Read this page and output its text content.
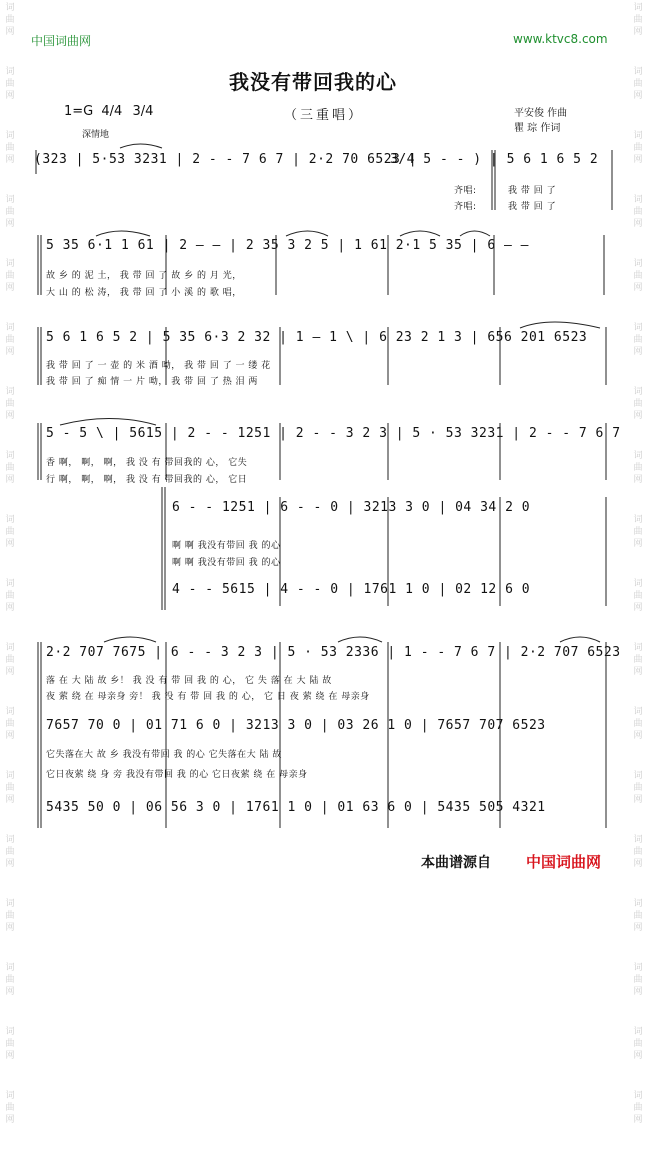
词曲网
词曲网
词曲网
词曲网
词曲网
词曲网
词曲网
词曲网
词曲网
词曲网
词曲网
词曲网
词曲网
词曲网
词曲网
词曲网
词曲网
词曲网
词曲网
词曲网
词曲网
词曲网
词曲网
词曲网
词曲网
词曲网
词曲网
词曲网
词曲网
词曲网
词曲网
词曲网
词曲网
词曲网
词曲网
词曲网
中国词曲网	www.ktvc8.com
我没有带回我的心
（三重唱）
1=G 4/4 3/4
深情地
平安俊 作曲
瞿 琮 作词
(323 | 5·53 3231 | 2 - - 7 6 7 | 2·2 70 6523 |
3/4 5 - - ) | 5 6 1 6 5 2
齐唱:
齐唱:
我 带 回 了
我 带 回 了
5 35 6·1 1 61 | 2 — — | 2 35 3 2 5 | 1 61 2·1 5 35 | 6 — —
故 乡 的 泥 土， 我 带 回 了 故 乡 的 月 光，
大 山 的 松 涛， 我 带 回 了 小 溪 的 歌 唱，
5 6 1 6 5 2 | 5 35 6·3 2 32 | 1 — 1 \ | 6 23 2 1 3 | 656 201 6523
我 带 回 了 一 壶 的 米 酒 呦， 我 带 回 了 一 缕 花
我 带 回 了 痴 情 一 片 呦， 我 带 回 了 热 泪 两
5 - 5 \ | 5615 | 2 - - 1251 | 2 - - 3 2 3 | 5 · 53 3231 | 2 - - 7 6 7
香 啊， 啊， 啊， 我 没 有 带回我的 心， 它失
行 啊， 啊， 啊， 我 没 有 带回我的 心， 它日
6 - - 1251 | 6 - - 0 | 3213 3 0 | 04 34 2 0
啊 啊 我没有带回 我 的心
啊 啊 我没有带回 我 的心
4 - - 5615 | 4 - - 0 | 1761 1 0 | 02 12 6 0
2·2 707 7675 | 6 - - 3 2 3 | 5 · 53 2336 | 1 - - 7 6 7 | 2·2 707 6523
落 在 大 陆 故 乡！ 我 没 有 带 回 我 的 心， 它 失 落 在 大 陆 故
夜 萦 绕 在 母亲身 旁！ 我 没 有 带 回 我 的 心， 它 日 夜 萦 绕 在 母亲身
7657 70 0 | 01 71 6 0 | 3213 3 0 | 03 26 1 0 | 7657 707 6523
它失落在大 故 乡 我没有带回 我 的心 它失落在大 陆 故
它日夜萦 绕 身 旁 我没有带回 我 的心 它日夜萦 绕 在 母亲身
5435 50 0 | 06 56 3 0 | 1761 1 0 | 01 63 6 0 | 5435 505 4321
本曲谱源自 中国词曲网
